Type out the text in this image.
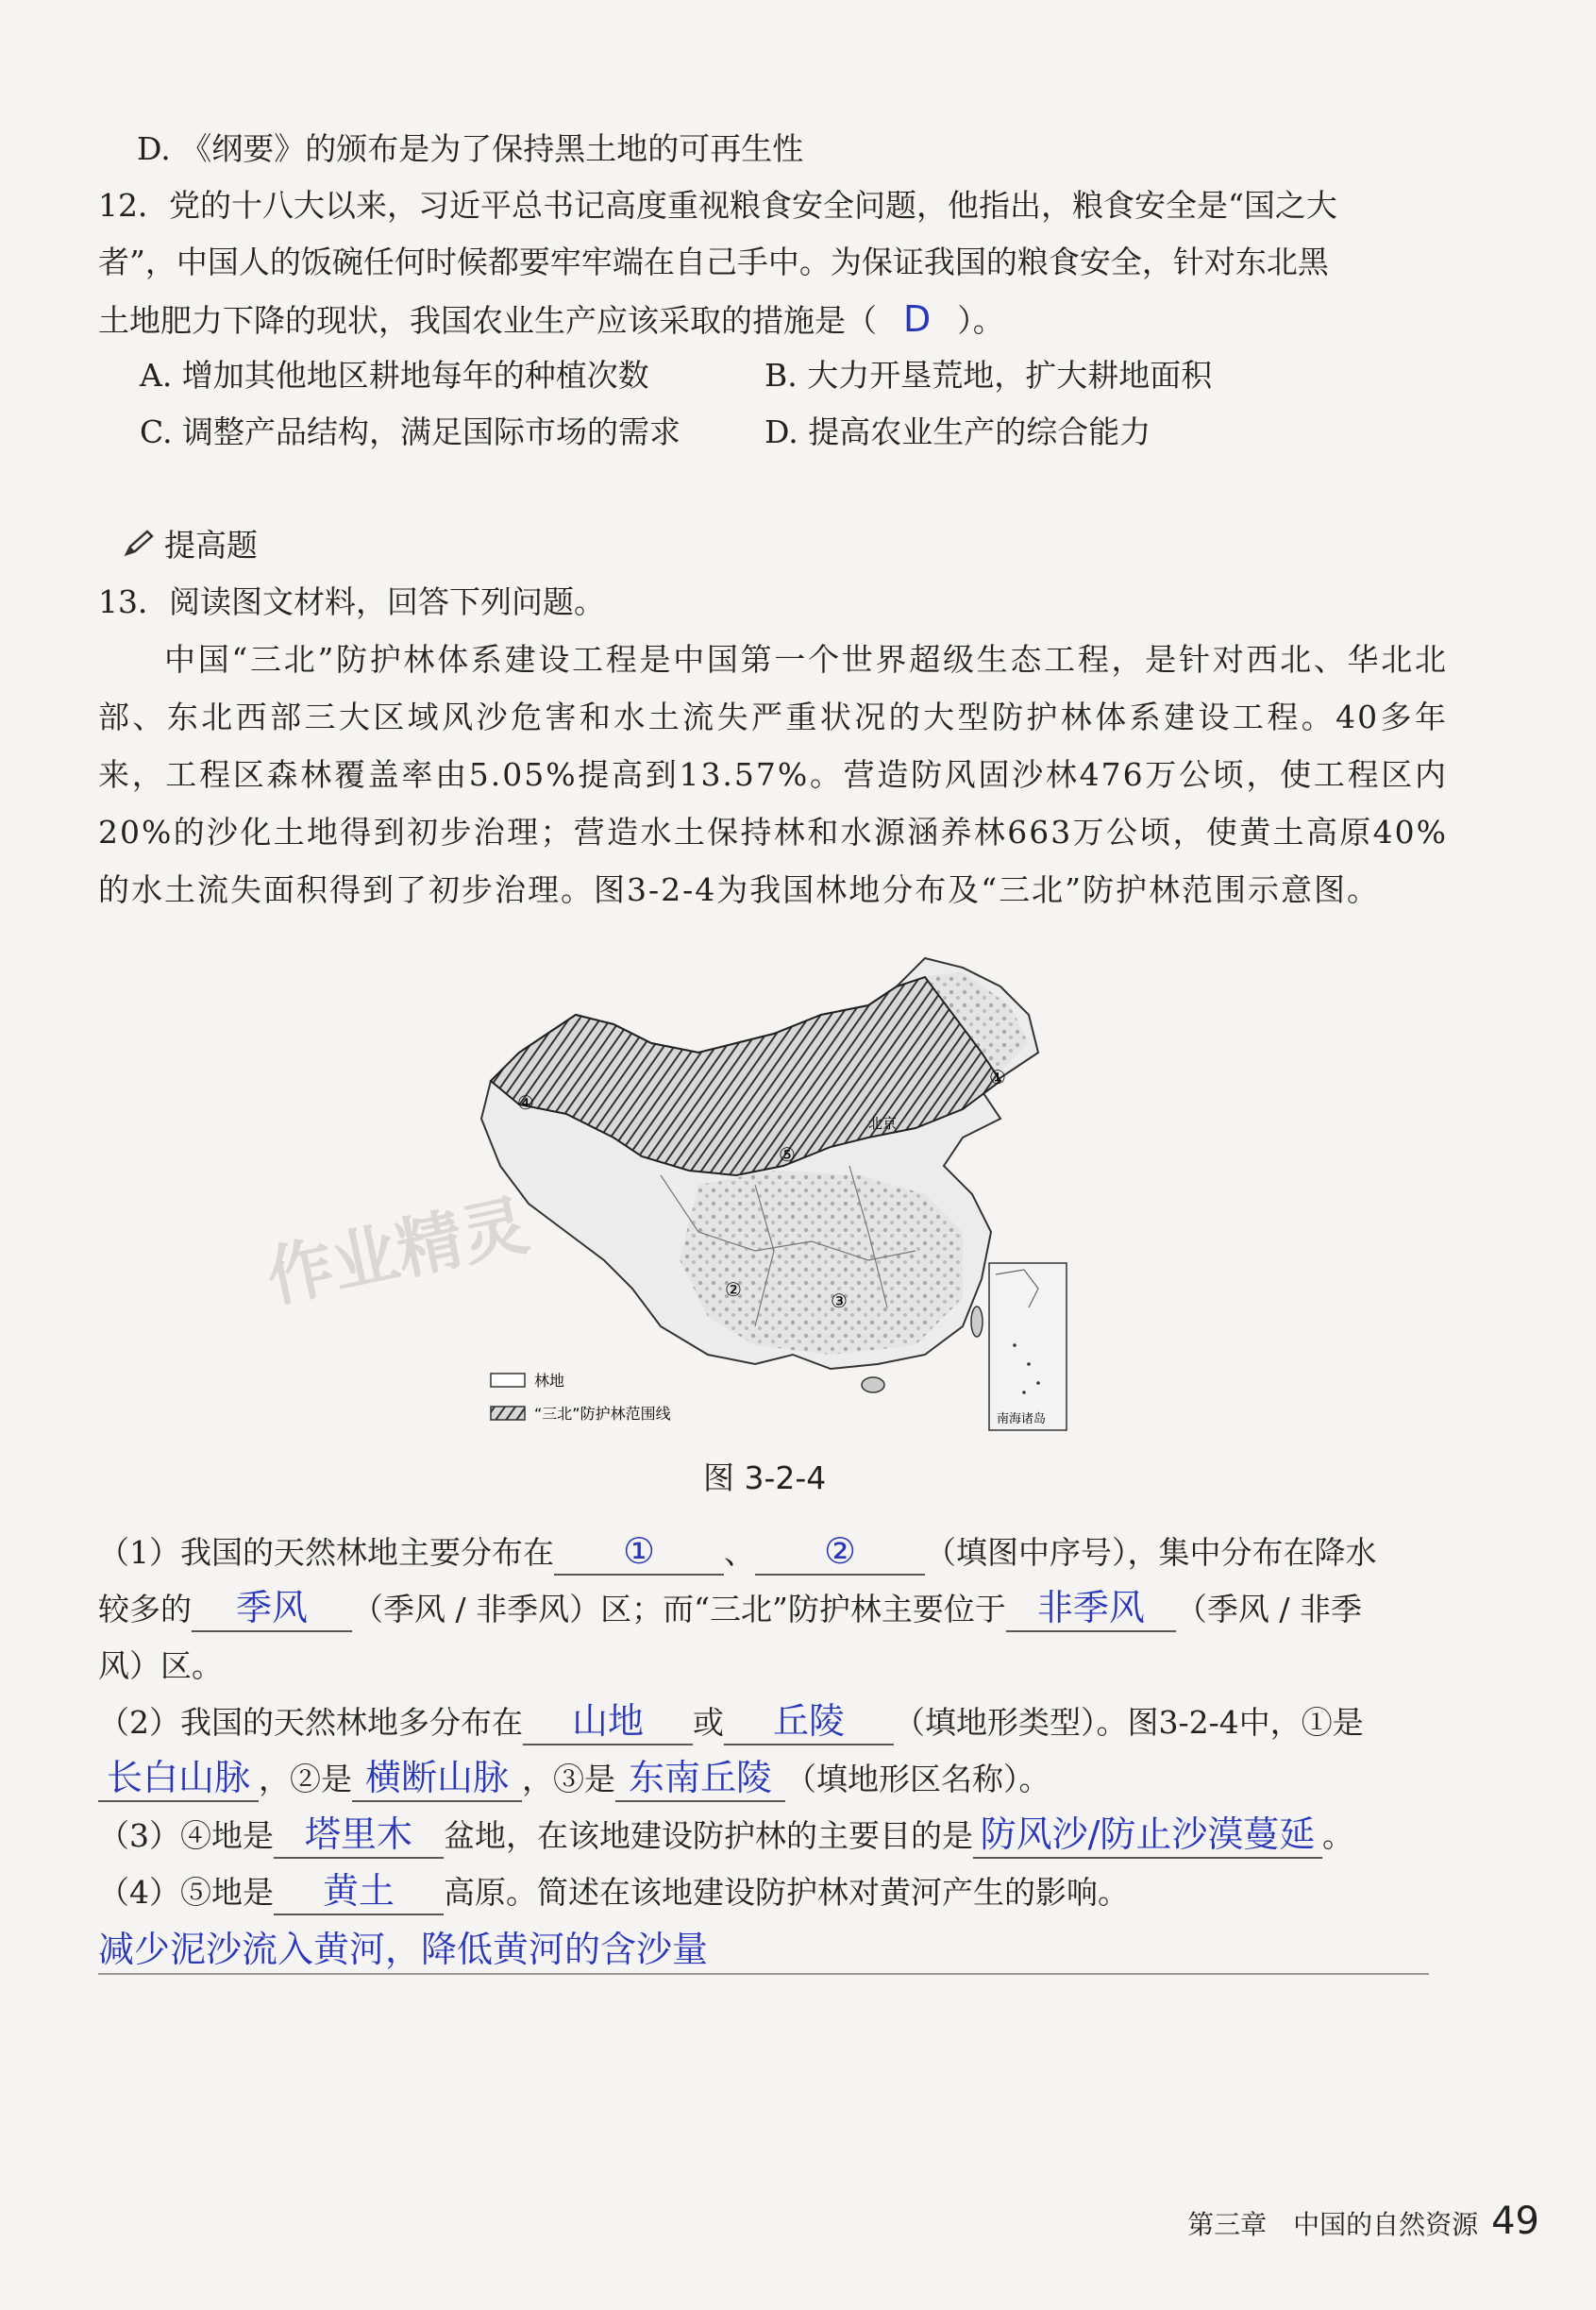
D. 《纲要》的颁布是为了保持黑土地的可再生性
12．党的十八大以来，习近平总书记高度重视粮食安全问题，他指出，粮食安全是“国之大
者”，中国人的饭碗任何时候都要牢牢端在自己手中。为保证我国的粮食安全，针对东北黑
土地肥力下降的现状，我国农业生产应该采取的措施是（ D ）。
A. 增加其他地区耕地每年的种植次数	B. 大力开垦荒地，扩大耕地面积
C. 调整产品结构，满足国际市场的需求	D. 提高农业生产的综合能力
提高题
13．阅读图文材料，回答下列问题。
中国“三北”防护林体系建设工程是中国第一个世界超级生态工程，是针对西北、华北北部、东北西部三大区域风沙危害和水土流失严重状况的大型防护林体系建设工程。40多年来，工程区森林覆盖率由5.05%提高到13.57%。营造防风固沙林476万公顷，使工程区内20%的沙化土地得到初步治理；营造水土保持林和水源涵养林663万公顷，使黄土高原40%的水土流失面积得到了初步治理。图3-2-4为我国林地分布及“三北”防护林范围示意图。
①
②	③
④
⑤
北京
林地
“三北”防护林范围线	南海诸岛
作业精灵
图 3-2-4
（1）我国的天然林地主要分布在 ① 、 ② （填图中序号），集中分布在降水
较多的 季风 （季风 / 非季风）区；而“三北”防护林主要位于 非季风 （季风 / 非季
风）区。
（2）我国的天然林地多分布在 山地 或 丘陵 （填地形类型）。图3-2-4中，①是
长白山脉 ，②是 横断山脉 ，③是 东南丘陵 （填地形区名称）。
（3）④地是 塔里木 盆地，在该地建设防护林的主要目的是 防风沙/防止沙漠蔓延 。
（4）⑤地是 黄土 高原。简述在该地建设防护林对黄河产生的影响。
减少泥沙流入黄河，降低黄河的含沙量
第三章　中国的自然资源 49
